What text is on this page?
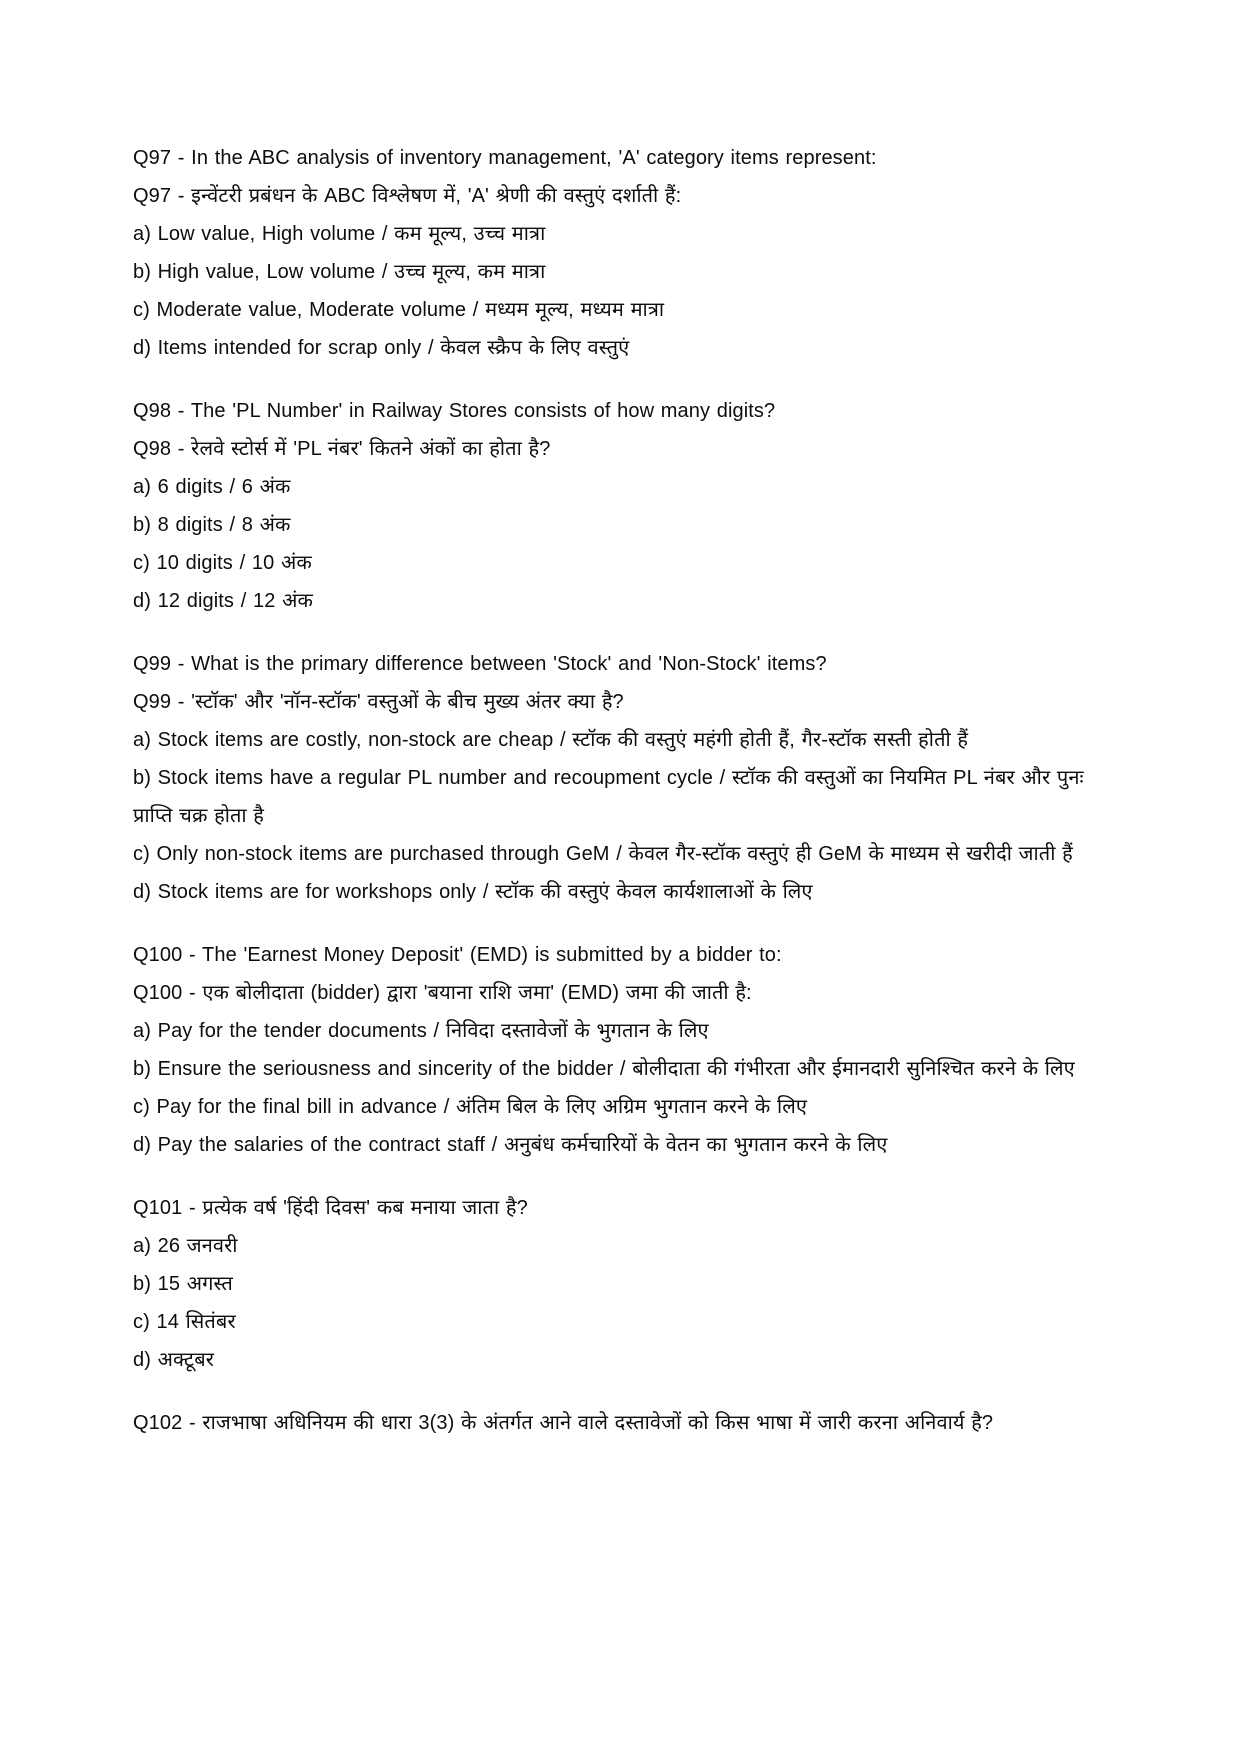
Q97 - In the ABC analysis of inventory management, 'A' category items represent:

Q97 - इन्वेंटरी प्रबंधन के ABC विश्लेषण में, 'A' श्रेणी की वस्तुएं दर्शाती हैं:

a) Low value, High volume / कम मूल्य, उच्च मात्रा

b) High value, Low volume / उच्च मूल्य, कम मात्रा

c) Moderate value, Moderate volume / मध्यम मूल्य, मध्यम मात्रा

d) Items intended for scrap only / केवल स्क्रैप के लिए वस्तुएं

Q98 - The 'PL Number' in Railway Stores consists of how many digits?

Q98 - रेलवे स्टोर्स में 'PL नंबर' कितने अंकों का होता है?

a) 6 digits / 6 अंक

b) 8 digits / 8 अंक

c) 10 digits / 10 अंक

d) 12 digits / 12 अंक

Q99 - What is the primary difference between 'Stock' and 'Non-Stock' items?

Q99 - 'स्टॉक' और 'नॉन-स्टॉक' वस्तुओं के बीच मुख्य अंतर क्या है?

a) Stock items are costly, non-stock are cheap / स्टॉक की वस्तुएं महंगी होती हैं, गैर-स्टॉक सस्ती होती हैं

b) Stock items have a regular PL number and recoupment cycle / स्टॉक की वस्तुओं का नियमित PL नंबर और पुनः प्राप्ति चक्र होता है

c) Only non-stock items are purchased through GeM / केवल गैर-स्टॉक वस्तुएं ही GeM के माध्यम से खरीदी जाती हैं

d) Stock items are for workshops only / स्टॉक की वस्तुएं केवल कार्यशालाओं के लिए

Q100 - The 'Earnest Money Deposit' (EMD) is submitted by a bidder to:

Q100 - एक बोलीदाता (bidder) द्वारा 'बयाना राशि जमा' (EMD) जमा की जाती है:

a) Pay for the tender documents / निविदा दस्तावेजों के भुगतान के लिए

b) Ensure the seriousness and sincerity of the bidder / बोलीदाता की गंभीरता और ईमानदारी सुनिश्चित करने के लिए

c) Pay for the final bill in advance / अंतिम बिल के लिए अग्रिम भुगतान करने के लिए

d) Pay the salaries of the contract staff / अनुबंध कर्मचारियों के वेतन का भुगतान करने के लिए

Q101 - प्रत्येक वर्ष 'हिंदी दिवस' कब मनाया जाता है?

a) 26 जनवरी

b) 15 अगस्त

c) 14 सितंबर

d) अक्टूबर

Q102 - राजभाषा अधिनियम की धारा 3(3) के अंतर्गत आने वाले दस्तावेजों को किस भाषा में जारी करना अनिवार्य है?
